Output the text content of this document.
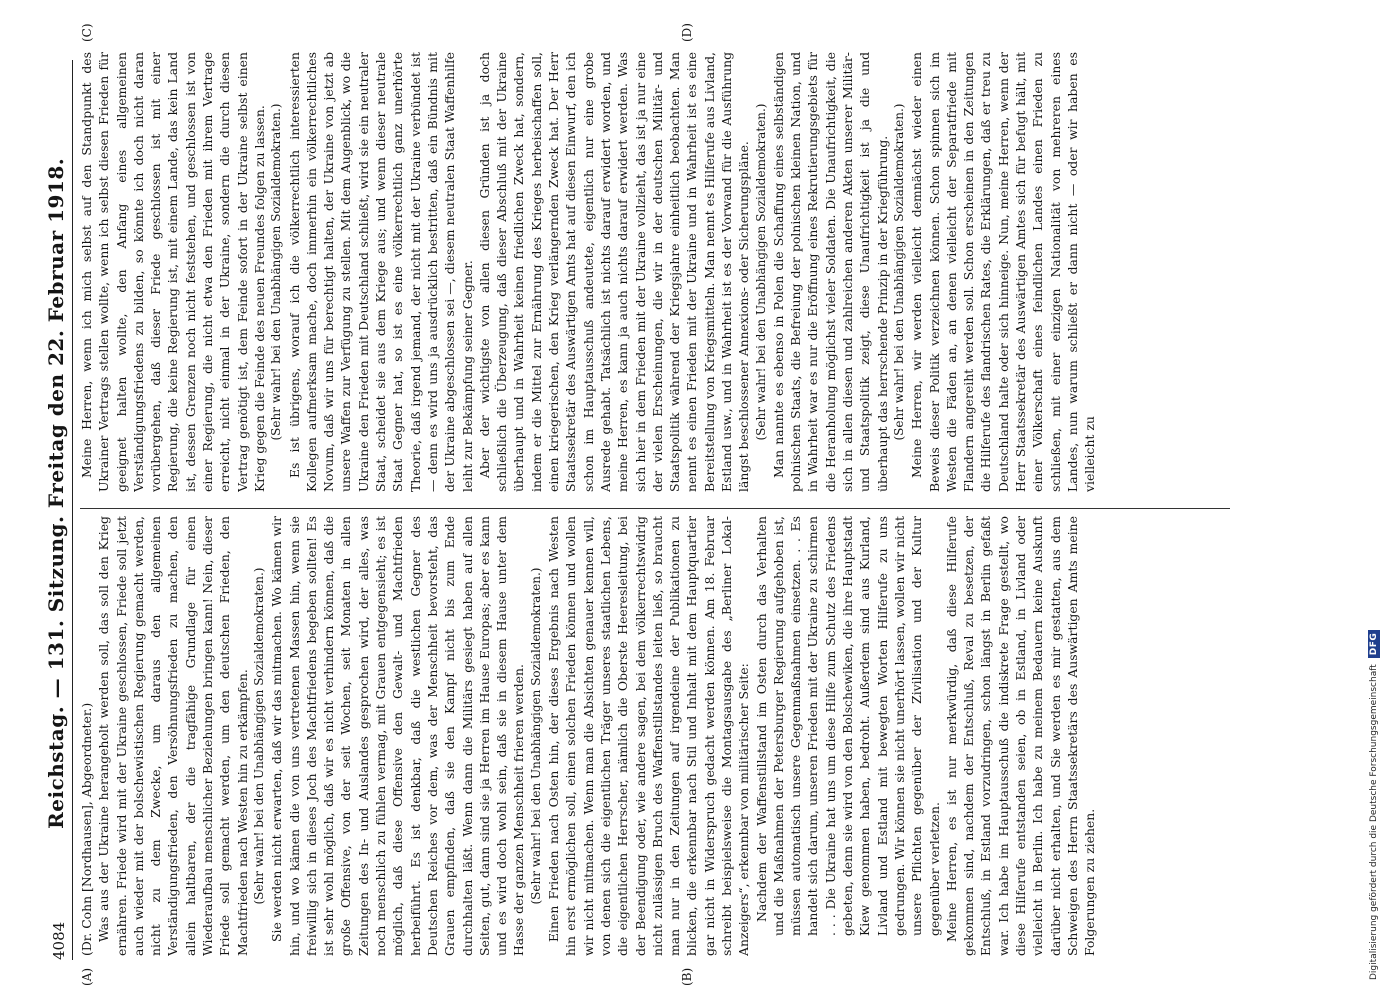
4084
Reichstag. — 131. Sitzung. Freitag den 22. Februar 1918.

(A)	(B)
(C)	(D)

(Dr. Cohn [Nordhausen], Abgeordneter.) Was aus der Ukraine herangeholt werden soll, das soll den Krieg ernähren. Friede wird mit der Ukraine geschlossen, Friede soll jetzt auch wieder mit der bolschewistischen Regierung gemacht werden, nicht zu dem Zwecke, um daraus den allgemeinen Verständigungsfrieden, den Versöhnungsfrieden zu machen, den allein haltbaren, der die tragfähige Grundlage für einen Wiederaufbau menschlicher Beziehungen bringen kann! Nein, dieser Friede soll gemacht werden, um den deutschen Frieden, den Machtfrieden nach Westen hin zu erkämpfen. (Sehr wahr! bei den Unabhängigen Sozialdemokraten.) Sie werden nicht erwarten, daß wir das mitmachen. Wo kämen wir hin, und wo kämen die von uns vertretenen Massen hin, wenn sie freiwillig sich in dieses Joch des Machtfriedens begeben sollten! Es ist sehr wohl möglich, daß wir es nicht verhindern können, daß die große Offensive, von der seit Wochen, seit Monaten in allen Zeitungen des In- und Auslandes gesprochen wird, der alles, was noch menschlich zu fühlen vermag, mit Grauen entgegensieht; es ist möglich, daß diese Offensive den Gewalt- und Machtfrieden herbeiführt. Es ist denkbar, daß die westlichen Gegner des Deutschen Reiches vor dem, was der Menschheit bevorsteht, das Grauen empfinden, daß sie den Kampf nicht bis zum Ende durchhalten läßt. Wenn dann die Militärs gesiegt haben auf allen Seiten, gut, dann sind sie ja Herren im Hause Europas; aber es kann und es wird doch wohl sein, daß sie in diesem Hause unter dem Hasse der ganzen Menschheit frieren werden. (Sehr wahr! bei den Unabhängigen Sozialdemokraten.) Einen Frieden nach Osten hin, der dieses Ergebnis nach Westen hin erst ermöglichen soll, einen solchen Frieden können und wollen wir nicht mitmachen. Wenn man die Absichten genauer kennen will, von denen sich die eigentlichen Träger unseres staatlichen Lebens, die eigentlichen Herrscher, nämlich die Oberste Heeresleitung, bei der Beendigung oder, wie andere sagen, bei dem völkerrechtswidrig nicht zulässigen Bruch des Waffenstillstandes leiten ließ, so braucht man nur in den Zeitungen auf irgendeine der Publikationen zu blicken, die erkennbar nach Stil und Inhalt mit dem Hauptquartier gar nicht in Widerspruch gedacht werden können. Am 18. Februar schreibt beispielsweise die Montagsausgabe des „Berliner Lokal-Anzeigers“, erkennbar von militärischer Seite: Nachdem der Waffenstillstand im Osten durch das Verhalten und die Maßnahmen der Petersburger Regierung aufgehoben ist, müssen automatisch unsere Gegenmaßnahmen einsetzen. . . Es handelt sich darum, unseren Frieden mit der Ukraine zu schirmen . . . Die Ukraine hat uns um diese Hilfe zum Schutz des Friedens gebeten, denn sie wird von den Bolschewiken, die ihre Hauptstadt Kiew genommen haben, bedroht. Außerdem sind aus Kurland, Livland und Estland mit bewegten Worten Hilferufe zu uns gedrungen. Wir können sie nicht unerhört lassen, wollen wir nicht unsere Pflichten gegenüber der Zivilisation und der Kultur gegenüber verletzen. Meine Herren, es ist nur merkwürdig, daß diese Hilferufe gekommen sind, nachdem der Entschluß, Reval zu besetzen, der Entschluß, in Estland vorzudringen, schon längst in Berlin gefaßt war. Ich habe im Hauptausschuß die indiskrete Frage gestellt, wo diese Hilferufe entstanden seien, ob in Estland, in Livland oder vielleicht in Berlin. Ich habe zu meinem Bedauern keine Auskunft darüber nicht erhalten, und Sie werden es mir gestatten, aus dem Schweigen des Herrn Staatssekretärs des Auswärtigen Amts meine Folgerungen zu ziehen.

Meine Herren, wenn ich mich selbst auf den Standpunkt des Ukrainer Vertrags stellen wollte, wenn ich selbst diesen Frieden für geeignet halten wollte, den Anfang eines allgemeinen Verständigungsfriedens zu bilden, so könnte ich doch nicht daran vorübergehen, daß dieser Friede geschlossen ist mit einer Regierung, die keine Regierung ist, mit einem Lande, das kein Land ist, dessen Grenzen noch nicht feststehen, und geschlossen ist von einer Regierung, die nicht etwa den Frieden mit ihrem Vertrage erreicht, nicht einmal in der Ukraine, sondern die durch diesen Vertrag genötigt ist, dem Feinde sofort in der Ukraine selbst einen Krieg gegen die Feinde des neuen Freundes folgen zu lassen. (Sehr wahr! bei den Unabhängigen Sozialdemokraten.) Es ist übrigens, worauf ich die völkerrechtlich interessierten Kollegen aufmerksam mache, doch immerhin ein völkerrechtliches Novum, daß wir uns für berechtigt halten, der Ukraine von jetzt ab unsere Waffen zur Verfügung zu stellen. Mit dem Augenblick, wo die Ukraine den Frieden mit Deutschland schließt, wird sie ein neutraler Staat, scheidet sie aus dem Kriege aus; und wenn dieser neutrale Staat Gegner hat, so ist es eine völkerrechtlich ganz unerhörte Theorie, daß irgend jemand, der nicht mit der Ukraine verbündet ist — denn es wird uns ja ausdrücklich bestritten, daß ein Bündnis mit der Ukraine abgeschlossen sei —, diesem neutralen Staat Waffenhilfe leiht zur Bekämpfung seiner Gegner. Aber der wichtigste von allen diesen Gründen ist ja doch schließlich die Überzeugung, daß dieser Abschluß mit der Ukraine überhaupt und in Wahrheit keinen friedlichen Zweck hat, sondern, indem er die Mittel zur Ernährung des Krieges herbeischaffen soll, einen kriegerischen, den Krieg verlängernden Zweck hat. Der Herr Staatssekretär des Auswärtigen Amts hat auf diesen Einwurf, den ich schon im Hauptausschuß andeutete, eigentlich nur eine grobe Ausrede gehabt. Tatsächlich ist nichts darauf erwidert worden, und meine Herren, es kann ja auch nichts darauf erwidert werden. Was sich hier in dem Frieden mit der Ukraine vollzieht, das ist ja nur eine der vielen Erscheinungen, die wir in der deutschen Militär- und Staatspolitik während der Kriegsjahre einheitlich beobachten. Man nennt es einen Frieden mit der Ukraine und in Wahrheit ist es eine Bereitstellung von Kriegsmitteln. Man nennt es Hilferufe aus Livland, Estland usw., und in Wahrheit ist es der Vorwand für die Ausführung längst beschlossener Annexions- oder Sicherungspläne. (Sehr wahr! bei den Unabhängigen Sozialdemokraten.) Man nannte es ebenso in Polen die Schaffung eines selbständigen polnischen Staats, die Befreiung der polnischen kleinen Nation, und in Wahrheit war es nur die Eröffnung eines Rekrutierungsgebiets für die Heranholung möglichst vieler Soldaten. Die Unaufrichtigkeit, die sich in allen diesen und zahlreichen anderen Akten unserer Militär- und Staatspolitik zeigt, diese Unaufrichtigkeit ist ja die und überhaupt das herrschende Prinzip in der Kriegführung. (Sehr wahr! bei den Unabhängigen Sozialdemokraten.) Meine Herren, wir werden vielleicht demnächst wieder einen Beweis dieser Politik verzeichnen können. Schon spinnen sich im Westen die Fäden an, an denen vielleicht der Separatfriede mit Flandern angereiht werden soll. Schon erscheinen in den Zeitungen die Hilferufe des flandrischen Rates, die Erklärungen, daß er treu zu Deutschland halte oder sich hinneige. Nun, meine Herren, wenn der Herr Staatssekretär des Auswärtigen Amtes sich für befugt hält, mit einer Völkerschaft eines feindlichen Landes einen Frieden zu schließen, mit einer einzigen Nationalität von mehreren eines Landes, nun warum schließt er dann nicht — oder wir haben es vielleicht zu

Digitalisierung gefördert durch die Deutsche Forschungsgemeinschaft
DFG
